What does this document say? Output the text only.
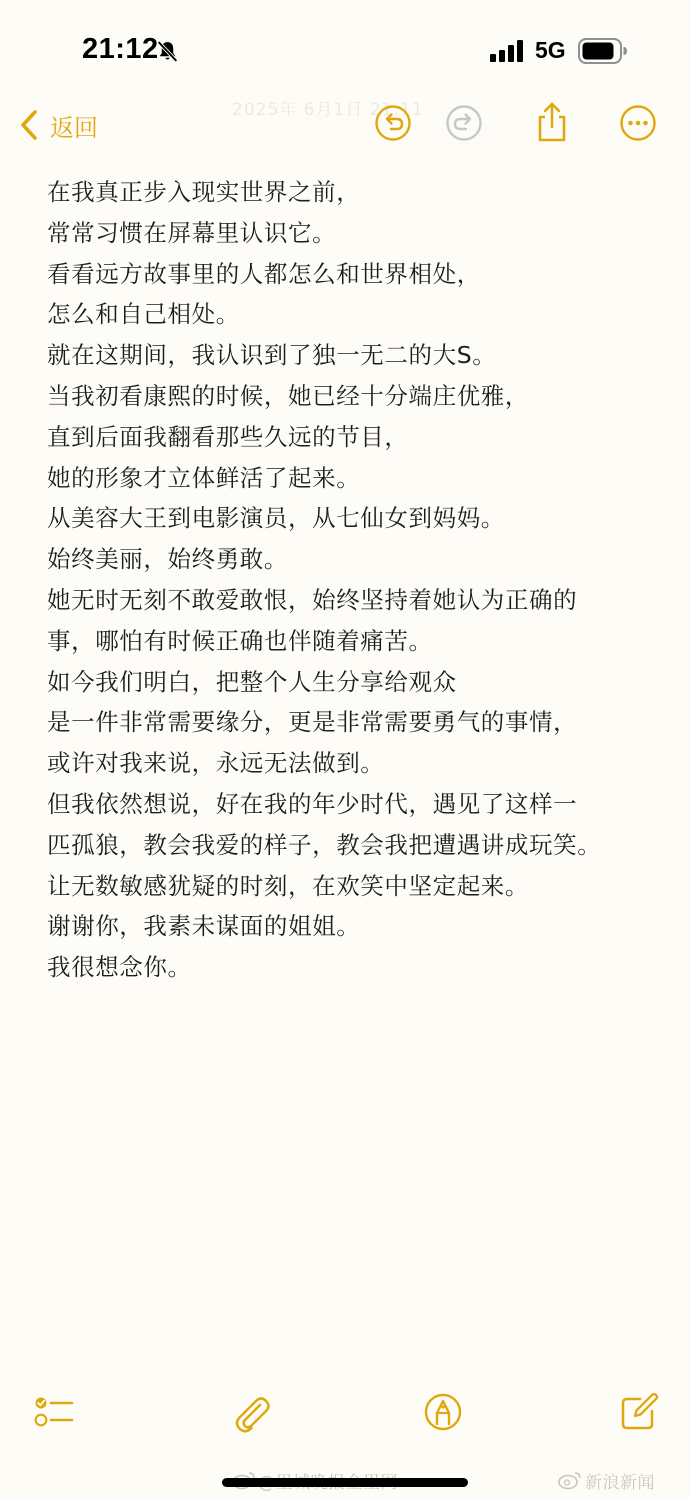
21:12	5G
2025年 6月1日 21:11
返回
在我真正步入现实世界之前，
常常习惯在屏幕里认识它。
看看远方故事里的人都怎么和世界相处，
怎么和自己相处。
就在这期间，我认识到了独一无二的大S。
当我初看康熙的时候，她已经十分端庄优雅，
直到后面我翻看那些久远的节目，
她的形象才立体鲜活了起来。
从美容大王到电影演员，从七仙女到妈妈。
始终美丽，始终勇敢。
她无时无刻不敢爱敢恨，始终坚持着她认为正确的
事，哪怕有时候正确也伴随着痛苦。
如今我们明白，把整个人生分享给观众
是一件非常需要缘分，更是非常需要勇气的事情，
或许对我来说，永远无法做到。
但我依然想说，好在我的年少时代，遇见了这样一
匹孤狼，教会我爱的样子，教会我把遭遇讲成玩笑。
让无数敏感犹疑的时刻，在欢笑中坚定起来。
谢谢你，我素未谋面的姐姐。
我很想念你。
新浪新闻
